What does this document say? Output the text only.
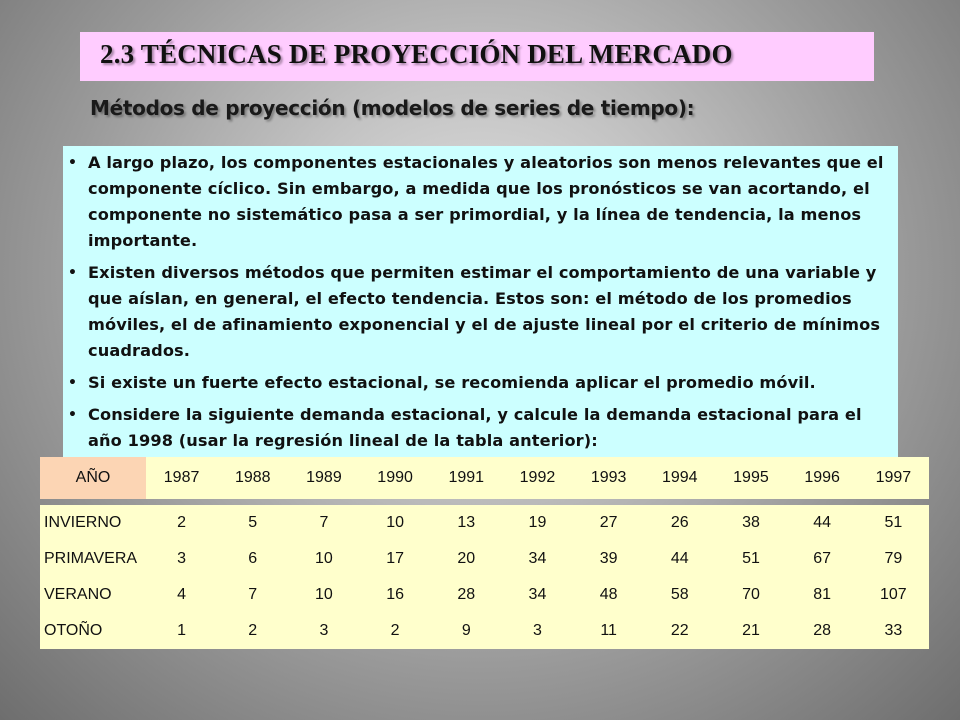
2.3 TÉCNICAS DE PROYECCIÓN DEL MERCADO
Métodos de proyección (modelos de series de tiempo):
• A largo plazo, los componentes estacionales y aleatorios son menos relevantes que el componente cíclico. Sin embargo, a medida que los pronósticos se van acortando, el componente no sistemático pasa a ser primordial, y la línea de tendencia, la menos importante.
• Existen diversos métodos que permiten estimar el comportamiento de una variable y que aíslan, en general, el efecto tendencia. Estos son: el método de los promedios móviles, el de afinamiento exponencial y el de ajuste lineal por el criterio de mínimos cuadrados.
• Si existe un fuerte efecto estacional, se recomienda aplicar el promedio móvil.
• Considere la siguiente demanda estacional, y calcule la demanda estacional para el año 1998 (usar la regresión lineal de la tabla anterior):
AÑO	1987	1988	1989	1990	1991	1992	1993	1994	1995	1996	1997

INVIERNO	2	5	7	10	13	19	27	26	38	44	51
PRIMAVERA	3	6	10	17	20	34	39	44	51	67	79
VERANO	4	7	10	16	28	34	48	58	70	81	107
OTOÑO	1	2	3	2	9	3	11	22	21	28	33
